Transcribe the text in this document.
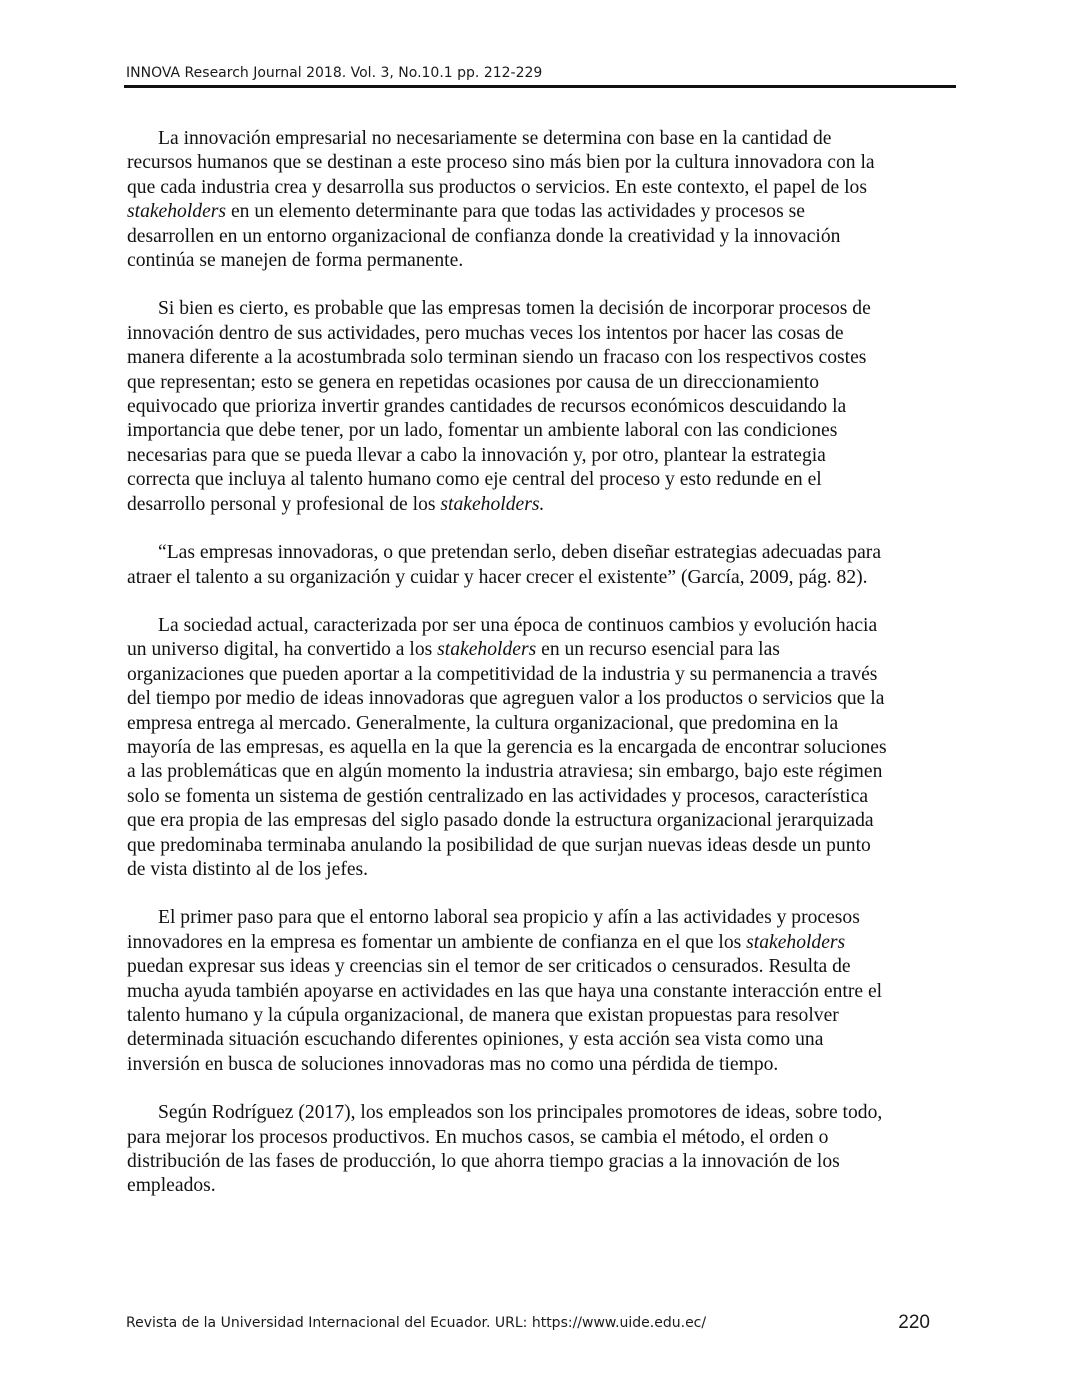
INNOVA Research Journal 2018. Vol. 3, No.10.1 pp. 212-229

La innovación empresarial no necesariamente se determina con base en la cantidad de
recursos humanos que se destinan a este proceso sino más bien por la cultura innovadora con la
que cada industria crea y desarrolla sus productos o servicios. En este contexto, el papel de los
stakeholders en un elemento determinante para que todas las actividades y procesos se
desarrollen en un entorno organizacional de confianza donde la creatividad y la innovación
continúa se manejen de forma permanente.

Si bien es cierto, es probable que las empresas tomen la decisión de incorporar procesos de
innovación dentro de sus actividades, pero muchas veces los intentos por hacer las cosas de
manera diferente a la acostumbrada solo terminan siendo un fracaso con los respectivos costes
que representan; esto se genera en repetidas ocasiones por causa de un direccionamiento
equivocado que prioriza invertir grandes cantidades de recursos económicos descuidando la
importancia que debe tener, por un lado, fomentar un ambiente laboral con las condiciones
necesarias para que se pueda llevar a cabo la innovación y, por otro, plantear la estrategia
correcta que incluya al talento humano como eje central del proceso y esto redunde en el
desarrollo personal y profesional de los stakeholders.

“Las empresas innovadoras, o que pretendan serlo, deben diseñar estrategias adecuadas para
atraer el talento a su organización y cuidar y hacer crecer el existente” (García, 2009, pág. 82).

La sociedad actual, caracterizada por ser una época de continuos cambios y evolución hacia
un universo digital, ha convertido a los stakeholders en un recurso esencial para las
organizaciones que pueden aportar a la competitividad de la industria y su permanencia a través
del tiempo por medio de ideas innovadoras que agreguen valor a los productos o servicios que la
empresa entrega al mercado. Generalmente, la cultura organizacional, que predomina en la
mayoría de las empresas, es aquella en la que la gerencia es la encargada de encontrar soluciones
a las problemáticas que en algún momento la industria atraviesa; sin embargo, bajo este régimen
solo se fomenta un sistema de gestión centralizado en las actividades y procesos, característica
que era propia de las empresas del siglo pasado donde la estructura organizacional jerarquizada
que predominaba terminaba anulando la posibilidad de que surjan nuevas ideas desde un punto
de vista distinto al de los jefes.

El primer paso para que el entorno laboral sea propicio y afín a las actividades y procesos
innovadores en la empresa es fomentar un ambiente de confianza en el que los stakeholders
puedan expresar sus ideas y creencias sin el temor de ser criticados o censurados. Resulta de
mucha ayuda también apoyarse en actividades en las que haya una constante interacción entre el
talento humano y la cúpula organizacional, de manera que existan propuestas para resolver
determinada situación escuchando diferentes opiniones, y esta acción sea vista como una
inversión en busca de soluciones innovadoras mas no como una pérdida de tiempo.

Según Rodríguez (2017), los empleados son los principales promotores de ideas, sobre todo,
para mejorar los procesos productivos. En muchos casos, se cambia el método, el orden o
distribución de las fases de producción, lo que ahorra tiempo gracias a la innovación de los
empleados.

Revista de la Universidad Internacional del Ecuador. URL: https://www.uide.edu.ec/	220
